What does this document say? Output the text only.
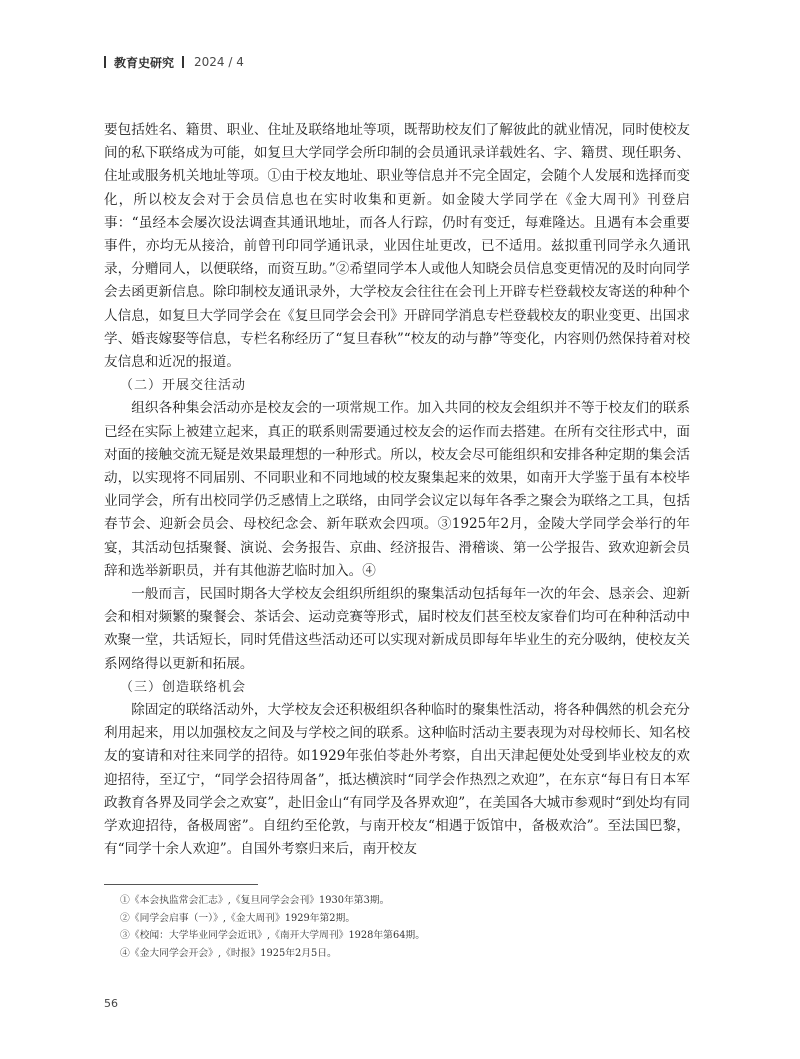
教育史研究 2024 / 4

要包括姓名、籍贯、职业、住址及联络地址等项，既帮助校友们了解彼此的就业情况，同时使校友间的私下联络成为可能，如复旦大学同学会所印制的会员通讯录详载姓名、字、籍贯、现任职务、住址或服务机关地址等项。①由于校友地址、职业等信息并不完全固定，会随个人发展和选择而变化，所以校友会对于会员信息也在实时收集和更新。如金陵大学同学在《金大周刊》刊登启事：“虽经本会屡次设法调查其通讯地址，而各人行踪，仍时有变迁，每难隆达。且遇有本会重要事件，亦均无从接洽，前曾刊印同学通讯录，业因住址更改，已不适用。兹拟重刊同学永久通讯录，分赠同人，以便联络，而资互助。”②希望同学本人或他人知晓会员信息变更情况的及时向同学会去函更新信息。除印制校友通讯录外，大学校友会往往在会刊上开辟专栏登载校友寄送的种种个人信息，如复旦大学同学会在《复旦同学会会刊》开辟同学消息专栏登载校友的职业变更、出国求学、婚丧嫁娶等信息，专栏名称经历了“复旦春秋”“校友的动与静”等变化，内容则仍然保持着对校友信息和近况的报道。

（二）开展交往活动

组织各种集会活动亦是校友会的一项常规工作。加入共同的校友会组织并不等于校友们的联系已经在实际上被建立起来，真正的联系则需要通过校友会的运作而去搭建。在所有交往形式中，面对面的接触交流无疑是效果最理想的一种形式。所以，校友会尽可能组织和安排各种定期的集会活动，以实现将不同届别、不同职业和不同地域的校友聚集起来的效果，如南开大学鉴于虽有本校毕业同学会，所有出校同学仍乏感情上之联络，由同学会议定以每年各季之聚会为联络之工具，包括春节会、迎新会员会、母校纪念会、新年联欢会四项。③1925年2月，金陵大学同学会举行的年宴，其活动包括聚餐、演说、会务报告、京曲、经济报告、滑稽谈、第一公学报告、致欢迎新会员辞和选举新职员，并有其他游艺临时加入。④

一般而言，民国时期各大学校友会组织所组织的聚集活动包括每年一次的年会、恳亲会、迎新会和相对频繁的聚餐会、茶话会、运动竞赛等形式，届时校友们甚至校友家眷们均可在种种活动中欢聚一堂，共话短长，同时凭借这些活动还可以实现对新成员即每年毕业生的充分吸纳，使校友关系网络得以更新和拓展。

（三）创造联络机会

除固定的联络活动外，大学校友会还积极组织各种临时的聚集性活动，将各种偶然的机会充分利用起来，用以加强校友之间及与学校之间的联系。这种临时活动主要表现为对母校师长、知名校友的宴请和对往来同学的招待。如1929年张伯苓赴外考察，自出天津起便处处受到毕业校友的欢迎招待，至辽宁，“同学会招待周备”，抵达横滨时“同学会作热烈之欢迎”，在东京“每日有日本军政教育各界及同学会之欢宴”，赴旧金山“有同学及各界欢迎”，在美国各大城市参观时“到处均有同学欢迎招待，备极周密”。自纽约至伦敦，与南开校友“相遇于饭馆中，备极欢洽”。至法国巴黎，有“同学十余人欢迎”。自国外考察归来后，南开校友

①《本会执监常会汇志》,《复旦同学会会刊》1930年第3期。

②《同学会启事（一）》,《金大周刊》1929年第2期。

③《校闻：大学毕业同学会近讯》,《南开大学周刊》1928年第64期。

④《金大同学会开会》,《时报》1925年2月5日。

56
